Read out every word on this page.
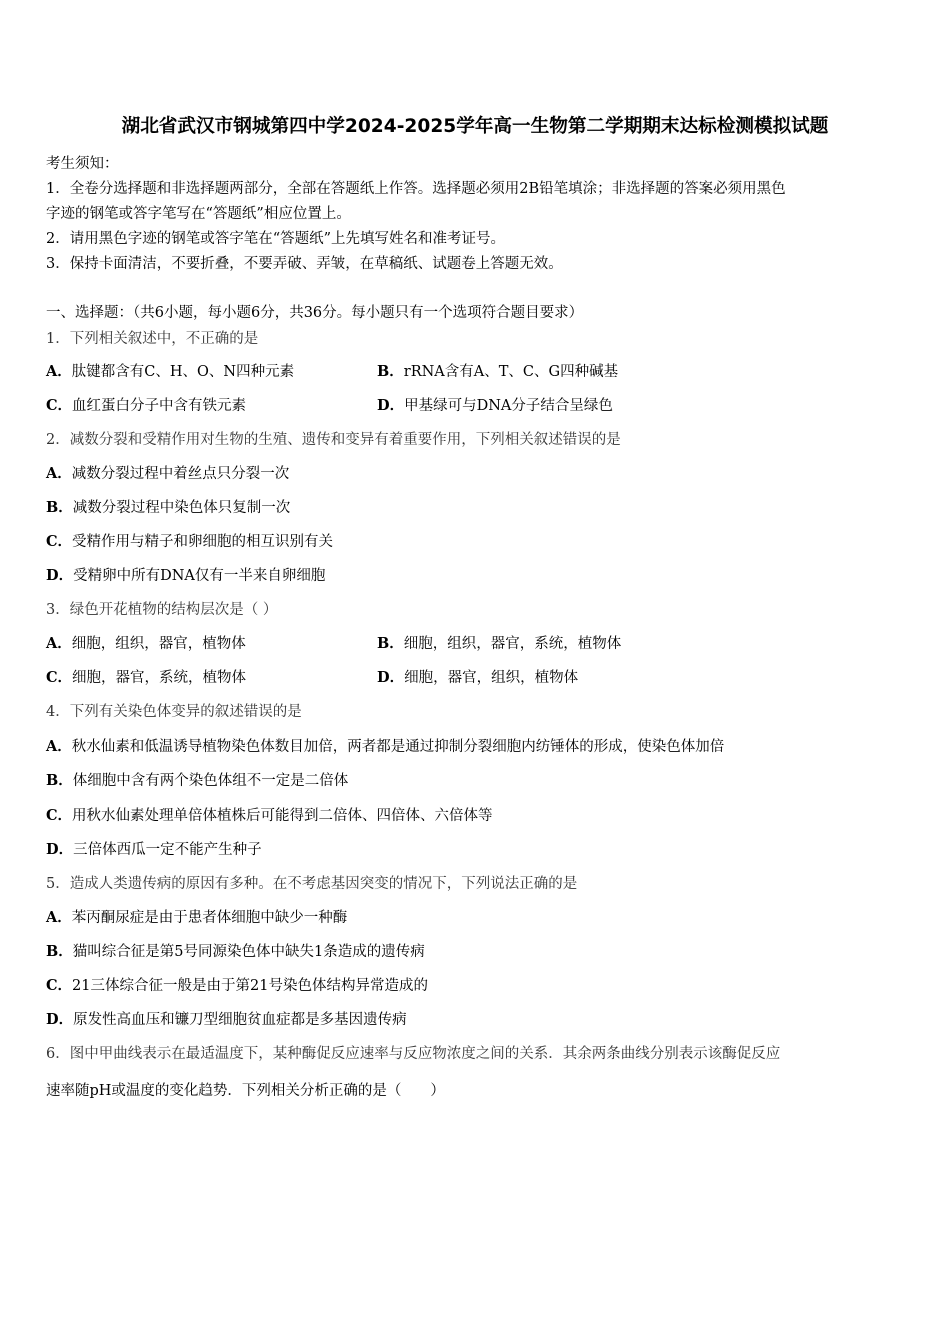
湖北省武汉市钢城第四中学2024-2025学年高一生物第二学期期末达标检测模拟试题
考生须知：
1．全卷分选择题和非选择题两部分，全部在答题纸上作答。选择题必须用2B铅笔填涂；非选择题的答案必须用黑色
字迹的钢笔或答字笔写在“答题纸”相应位置上。
2．请用黑色字迹的钢笔或答字笔在“答题纸”上先填写姓名和准考证号。
3．保持卡面清洁，不要折叠，不要弄破、弄皱，在草稿纸、试题卷上答题无效。
一、选择题：（共6小题，每小题6分，共36分。每小题只有一个选项符合题目要求）
1．下列相关叙述中，不正确的是
A．肽键都含有C、H、O、N四种元素	B．rRNA含有A、T、C、G四种碱基
C．血红蛋白分子中含有铁元素	D．甲基绿可与DNA分子结合呈绿色
2．减数分裂和受精作用对生物的生殖、遗传和变异有着重要作用，下列相关叙述错误的是
A．减数分裂过程中着丝点只分裂一次
B．减数分裂过程中染色体只复制一次
C．受精作用与精子和卵细胞的相互识别有关
D．受精卵中所有DNA仅有一半来自卵细胞
3．绿色开花植物的结构层次是（ ）
A．细胞，组织，器官，植物体	B．细胞，组织，器官，系统，植物体
C．细胞，器官，系统，植物体	D．细胞，器官，组织，植物体
4．下列有关染色体变异的叙述错误的是
A．秋水仙素和低温诱导植物染色体数目加倍，两者都是通过抑制分裂细胞内纺锤体的形成，使染色体加倍
B．体细胞中含有两个染色体组不一定是二倍体
C．用秋水仙素处理单倍体植株后可能得到二倍体、四倍体、六倍体等
D．三倍体西瓜一定不能产生种子
5．造成人类遗传病的原因有多种。在不考虑基因突变的情况下，下列说法正确的是
A．苯丙酮尿症是由于患者体细胞中缺少一种酶
B．猫叫综合征是第5号同源染色体中缺失1条造成的遗传病
C．21三体综合征一般是由于第21号染色体结构异常造成的
D．原发性高血压和镰刀型细胞贫血症都是多基因遗传病
6．图中甲曲线表示在最适温度下，某种酶促反应速率与反应物浓度之间的关系．其余两条曲线分别表示该酶促反应
速率随pH或温度的变化趋势．下列相关分析正确的是（　　）
